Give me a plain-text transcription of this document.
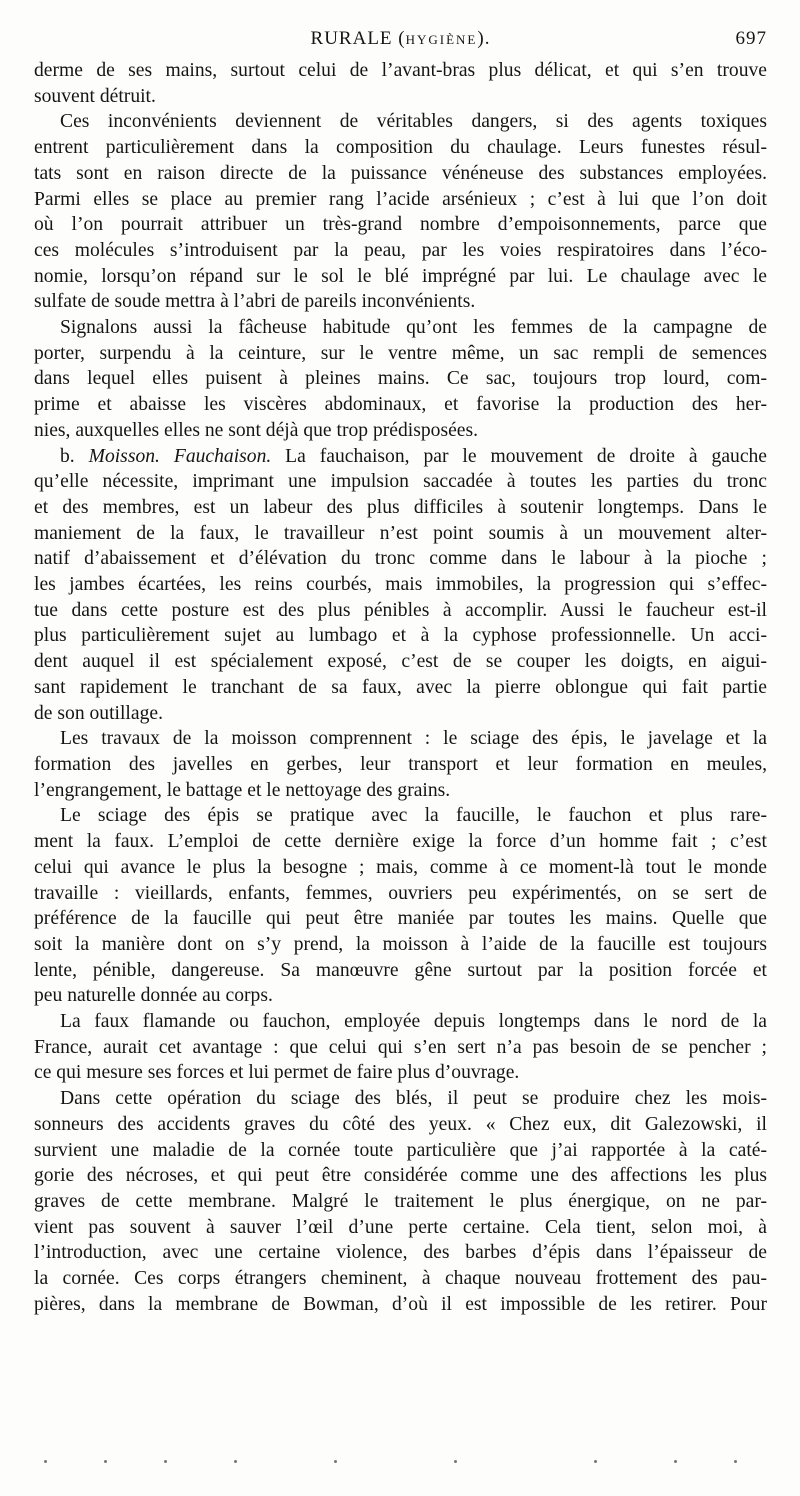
RURALE (HYGIÈNE).	697
derme de ses mains, surtout celui de l’avant-bras plus délicat, et qui s’en trouve
souvent détruit.
Ces inconvénients deviennent de véritables dangers, si des agents toxiques
entrent particulièrement dans la composition du chaulage. Leurs funestes résul-
tats sont en raison directe de la puissance vénéneuse des substances employées.
Parmi elles se place au premier rang l’acide arsénieux ; c’est à lui que l’on doit
où l’on pourrait attribuer un très-grand nombre d’empoisonnements, parce que
ces molécules s’introduisent par la peau, par les voies respiratoires dans l’éco-
nomie, lorsqu’on répand sur le sol le blé imprégné par lui. Le chaulage avec le
sulfate de soude mettra à l’abri de pareils inconvénients.
Signalons aussi la fâcheuse habitude qu’ont les femmes de la campagne de
porter, surpendu à la ceinture, sur le ventre même, un sac rempli de semences
dans lequel elles puisent à pleines mains. Ce sac, toujours trop lourd, com-
prime et abaisse les viscères abdominaux, et favorise la production des her-
nies, auxquelles elles ne sont déjà que trop prédisposées.
b. Moisson. Fauchaison. La fauchaison, par le mouvement de droite à gauche
qu’elle nécessite, imprimant une impulsion saccadée à toutes les parties du tronc
et des membres, est un labeur des plus difficiles à soutenir longtemps. Dans le
maniement de la faux, le travailleur n’est point soumis à un mouvement alter-
natif d’abaissement et d’élévation du tronc comme dans le labour à la pioche ;
les jambes écartées, les reins courbés, mais immobiles, la progression qui s’effec-
tue dans cette posture est des plus pénibles à accomplir. Aussi le faucheur est-il
plus particulièrement sujet au lumbago et à la cyphose professionnelle. Un acci-
dent auquel il est spécialement exposé, c’est de se couper les doigts, en aigui-
sant rapidement le tranchant de sa faux, avec la pierre oblongue qui fait partie
de son outillage.
Les travaux de la moisson comprennent : le sciage des épis, le javelage et la
formation des javelles en gerbes, leur transport et leur formation en meules,
l’engrangement, le battage et le nettoyage des grains.
Le sciage des épis se pratique avec la faucille, le fauchon et plus rare-
ment la faux. L’emploi de cette dernière exige la force d’un homme fait ; c’est
celui qui avance le plus la besogne ; mais, comme à ce moment-là tout le monde
travaille : vieillards, enfants, femmes, ouvriers peu expérimentés, on se sert de
préférence de la faucille qui peut être maniée par toutes les mains. Quelle que
soit la manière dont on s’y prend, la moisson à l’aide de la faucille est toujours
lente, pénible, dangereuse. Sa manœuvre gêne surtout par la position forcée et
peu naturelle donnée au corps.
La faux flamande ou fauchon, employée depuis longtemps dans le nord de la
France, aurait cet avantage : que celui qui s’en sert n’a pas besoin de se pencher ;
ce qui mesure ses forces et lui permet de faire plus d’ouvrage.
Dans cette opération du sciage des blés, il peut se produire chez les mois-
sonneurs des accidents graves du côté des yeux. « Chez eux, dit Galezowski, il
survient une maladie de la cornée toute particulière que j’ai rapportée à la caté-
gorie des nécroses, et qui peut être considérée comme une des affections les plus
graves de cette membrane. Malgré le traitement le plus énergique, on ne par-
vient pas souvent à sauver l’œil d’une perte certaine. Cela tient, selon moi, à
l’introduction, avec une certaine violence, des barbes d’épis dans l’épaisseur de
la cornée. Ces corps étrangers cheminent, à chaque nouveau frottement des pau-
pières, dans la membrane de Bowman, d’où il est impossible de les retirer. Pour
